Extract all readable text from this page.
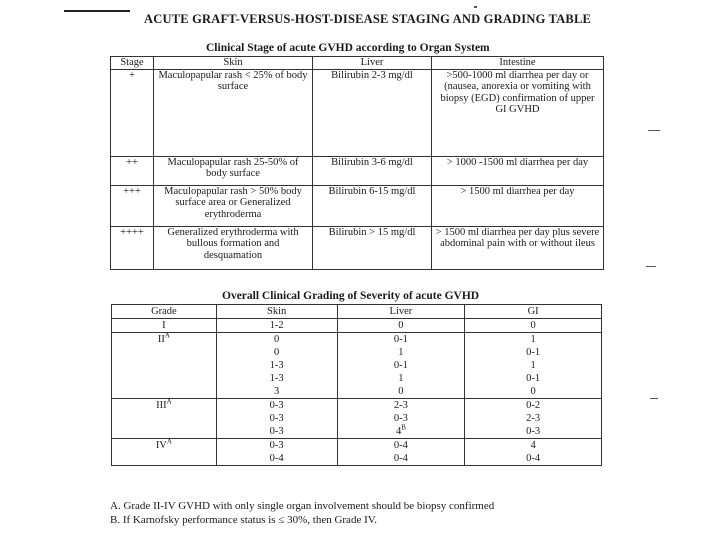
ACUTE GRAFT-VERSUS-HOST-DISEASE STAGING AND GRADING TABLE
Clinical Stage of acute GVHD according to Organ System
Stage	Skin	Liver	Intestine
+	Maculopapular rash < 25% of body surface	Bilirubin 2-3 mg/dl	>500-1000 ml diarrhea per day or (nausea, anorexia or vomiting with biopsy (EGD) confirmation of upper GI GVHD
++	Maculopapular rash 25-50% of body surface	Bilirubin 3-6 mg/dl	> 1000 -1500 ml diarrhea per day
+++	Maculopapular rash > 50% body surface area or Generalized erythroderma	Bilirubin 6-15 mg/dl	> 1500 ml diarrhea per day
++++	Generalized erythroderma with bullous formation and desquamation	Bilirubin > 15 mg/dl	> 1500 ml diarrhea per day plus severe abdominal pain with or without ileus
Overall Clinical Grading of Severity of acute GVHD
Grade	Skin	Liver	GI
I	1-2	0	0
$II^A$	0	0-1	1
	0	1	0-1
	1-3	0-1	1
	1-3	1	0-1
	3	0	0
$III^A$	0-3	2-3	0-2
	0-3	0-3	2-3
	0-3	$4^B$	0-3
$IV^A$	0-3	0-4	4
	0-4	0-4	0-4
A. Grade II-IV GVHD with only single organ involvement should be biopsy confirmed
B. If Karnofsky performance status is ≤ 30%, then Grade IV.
